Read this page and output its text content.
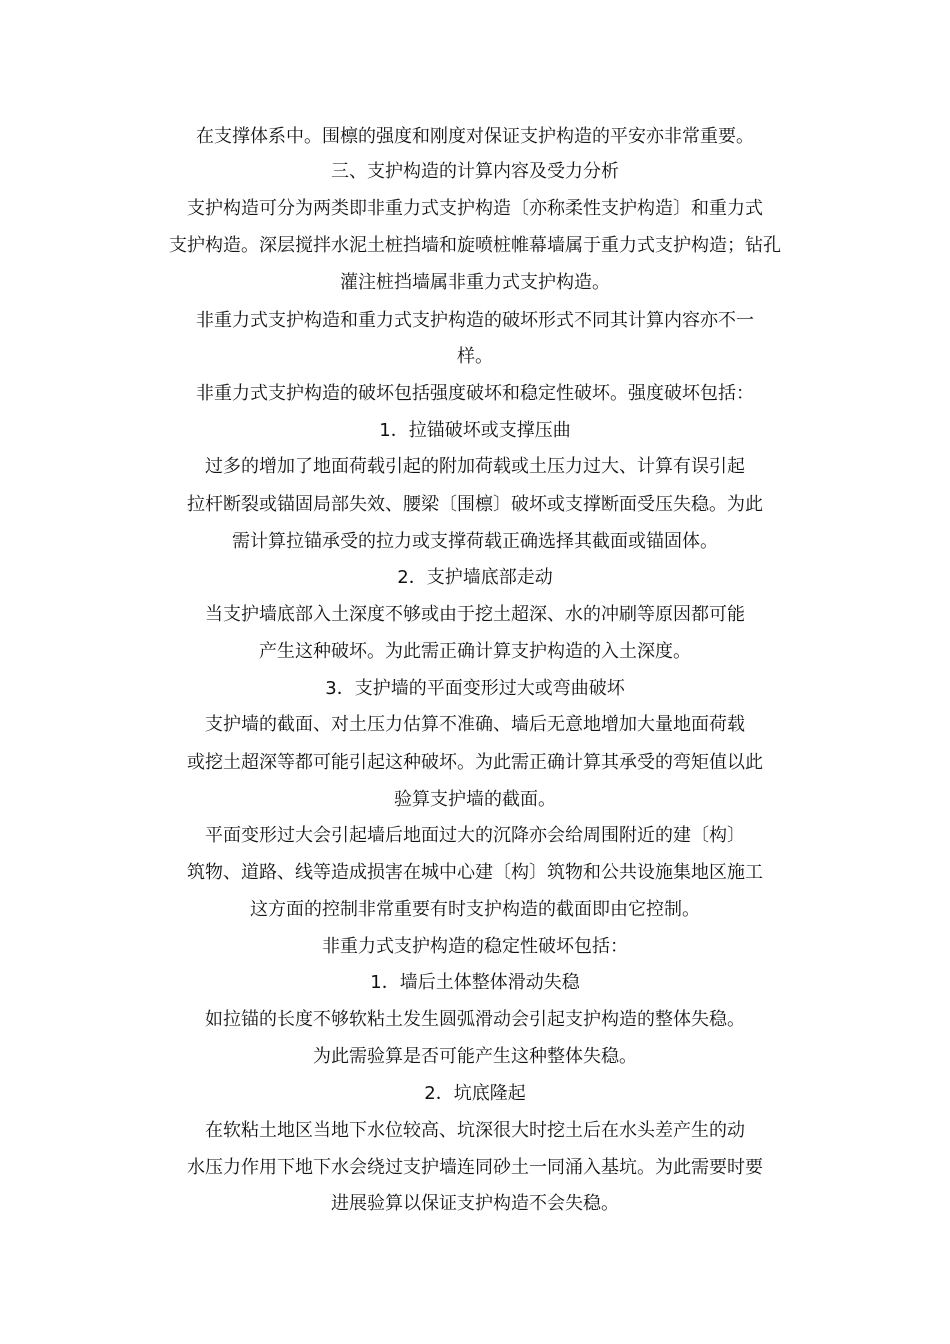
在支撑体系中。围檩的强度和刚度对保证支护构造的平安亦非常重要。
三、支护构造的计算内容及受力分析
支护构造可分为两类即非重力式支护构造〔亦称柔性支护构造〕和重力式
支护构造。深层搅拌水泥土桩挡墙和旋喷桩帷幕墙属于重力式支护构造；钻孔
灌注桩挡墙属非重力式支护构造。
非重力式支护构造和重力式支护构造的破坏形式不同其计算内容亦不一
样。
非重力式支护构造的破坏包括强度破坏和稳定性破坏。强度破坏包括：
1．拉锚破坏或支撑压曲
过多的增加了地面荷载引起的附加荷载或土压力过大、计算有误引起
拉杆断裂或锚固局部失效、腰梁〔围檩〕破坏或支撑断面受压失稳。为此
需计算拉锚承受的拉力或支撑荷载正确选择其截面或锚固体。
2．支护墙底部走动
当支护墙底部入土深度不够或由于挖土超深、水的冲刷等原因都可能
产生这种破坏。为此需正确计算支护构造的入土深度。
3．支护墙的平面变形过大或弯曲破坏
支护墙的截面、对土压力估算不准确、墙后无意地增加大量地面荷载
或挖土超深等都可能引起这种破坏。为此需正确计算其承受的弯矩值以此
验算支护墙的截面。
平面变形过大会引起墙后地面过大的沉降亦会给周围附近的建〔构〕
筑物、道路、线等造成损害在城中心建〔构〕筑物和公共设施集地区施工
这方面的控制非常重要有时支护构造的截面即由它控制。
非重力式支护构造的稳定性破坏包括：
1．墙后土体整体滑动失稳
如拉锚的长度不够软粘土发生圆弧滑动会引起支护构造的整体失稳。
为此需验算是否可能产生这种整体失稳。
2．坑底隆起
在软粘土地区当地下水位较高、坑深很大时挖土后在水头差产生的动
水压力作用下地下水会绕过支护墙连同砂土一同涌入基坑。为此需要时要
进展验算以保证支护构造不会失稳。
